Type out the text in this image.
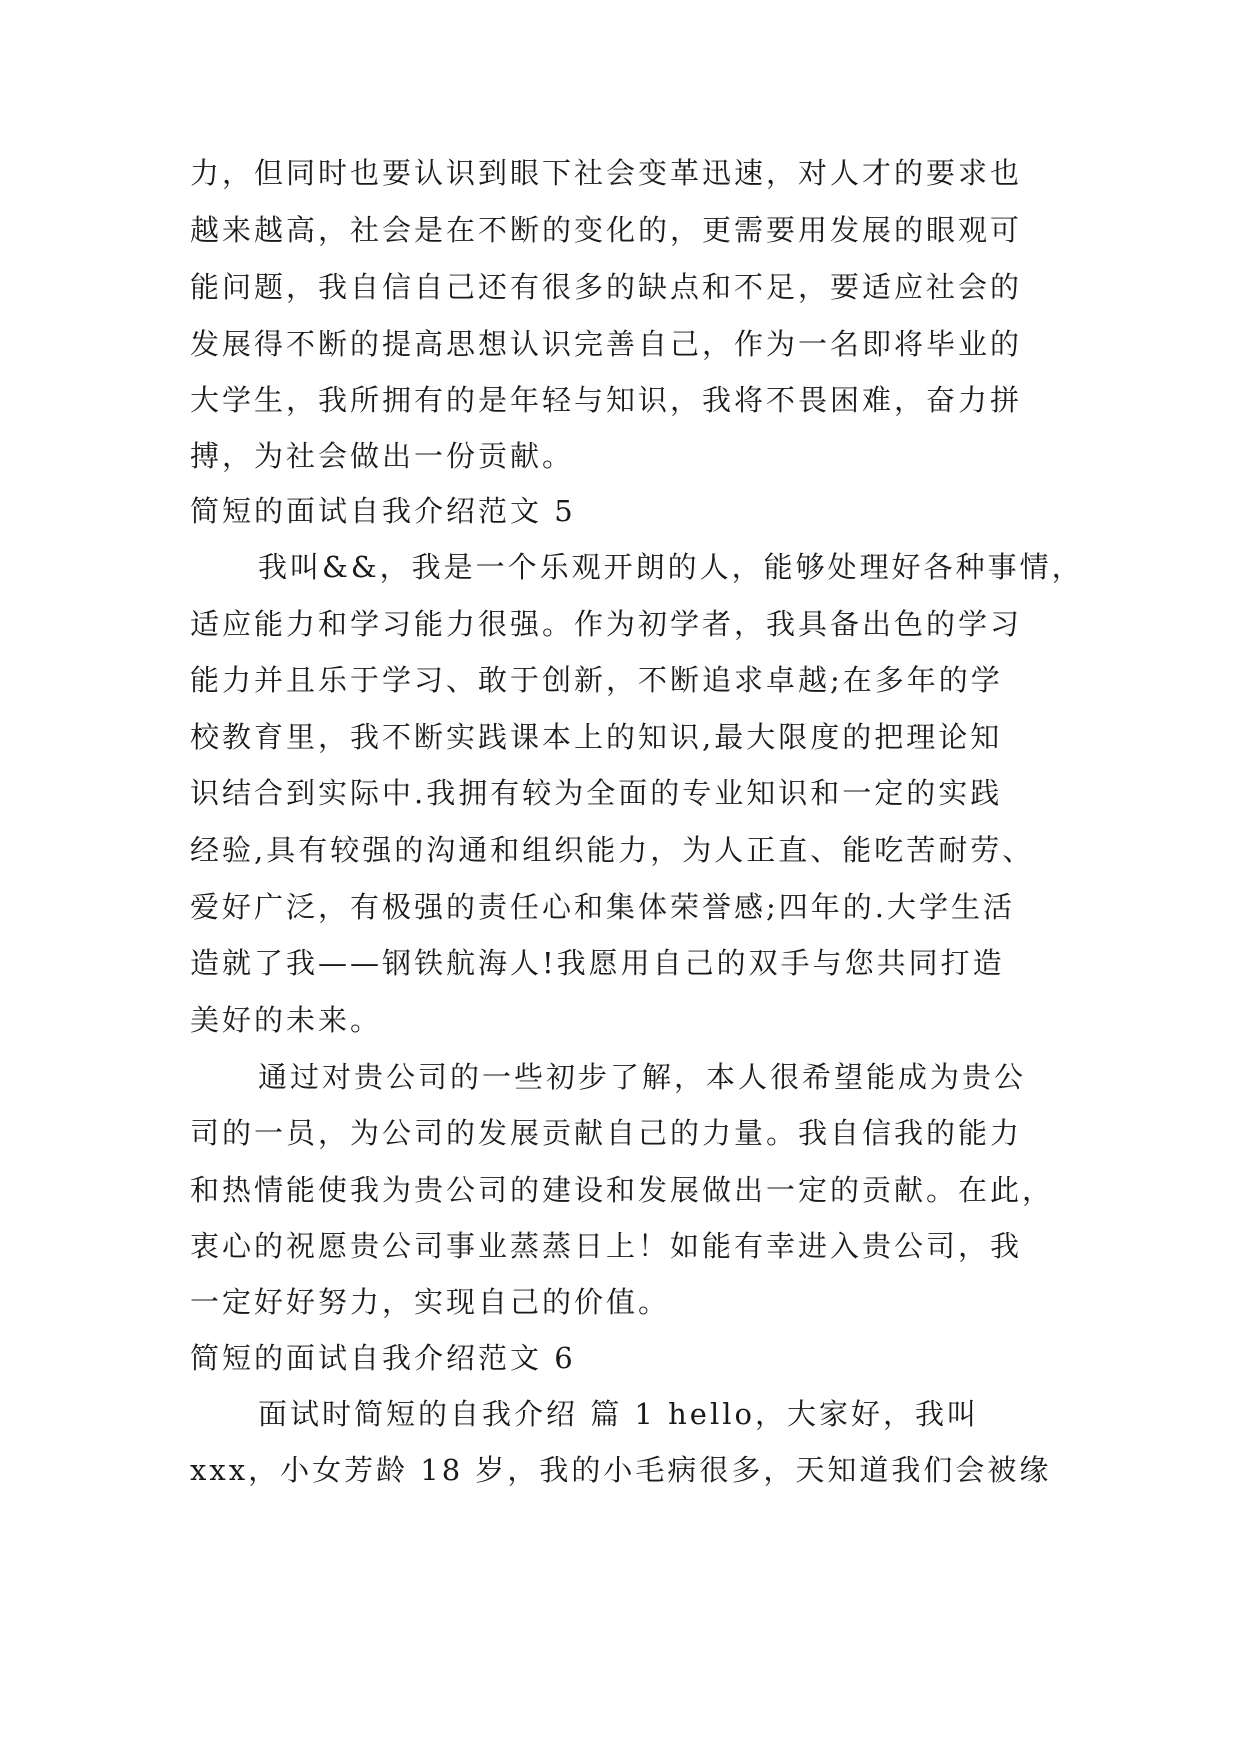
力，但同时也要认识到眼下社会变革迅速，对人才的要求也
越来越高，社会是在不断的变化的，更需要用发展的眼观可
能问题，我自信自己还有很多的缺点和不足，要适应社会的
发展得不断的提高思想认识完善自己，作为一名即将毕业的
大学生，我所拥有的是年轻与知识，我将不畏困难，奋力拼
搏，为社会做出一份贡献。
简短的面试自我介绍范文 5
我叫&&，我是一个乐观开朗的人，能够处理好各种事情，
适应能力和学习能力很强。作为初学者，我具备出色的学习
能力并且乐于学习、敢于创新，不断追求卓越;在多年的学
校教育里，我不断实践课本上的知识,最大限度的把理论知
识结合到实际中.我拥有较为全面的专业知识和一定的实践
经验,具有较强的沟通和组织能力，为人正直、能吃苦耐劳、
爱好广泛，有极强的责任心和集体荣誉感;四年的.大学生活
造就了我——钢铁航海人!我愿用自己的双手与您共同打造
美好的未来。
通过对贵公司的一些初步了解，本人很希望能成为贵公
司的一员，为公司的发展贡献自己的力量。我自信我的能力
和热情能使我为贵公司的建设和发展做出一定的贡献。在此，
衷心的祝愿贵公司事业蒸蒸日上！如能有幸进入贵公司，我
一定好好努力，实现自己的价值。
简短的面试自我介绍范文 6
面试时简短的自我介绍 篇 1 hello，大家好，我叫
xxx，小女芳龄 18 岁，我的小毛病很多，天知道我们会被缘
